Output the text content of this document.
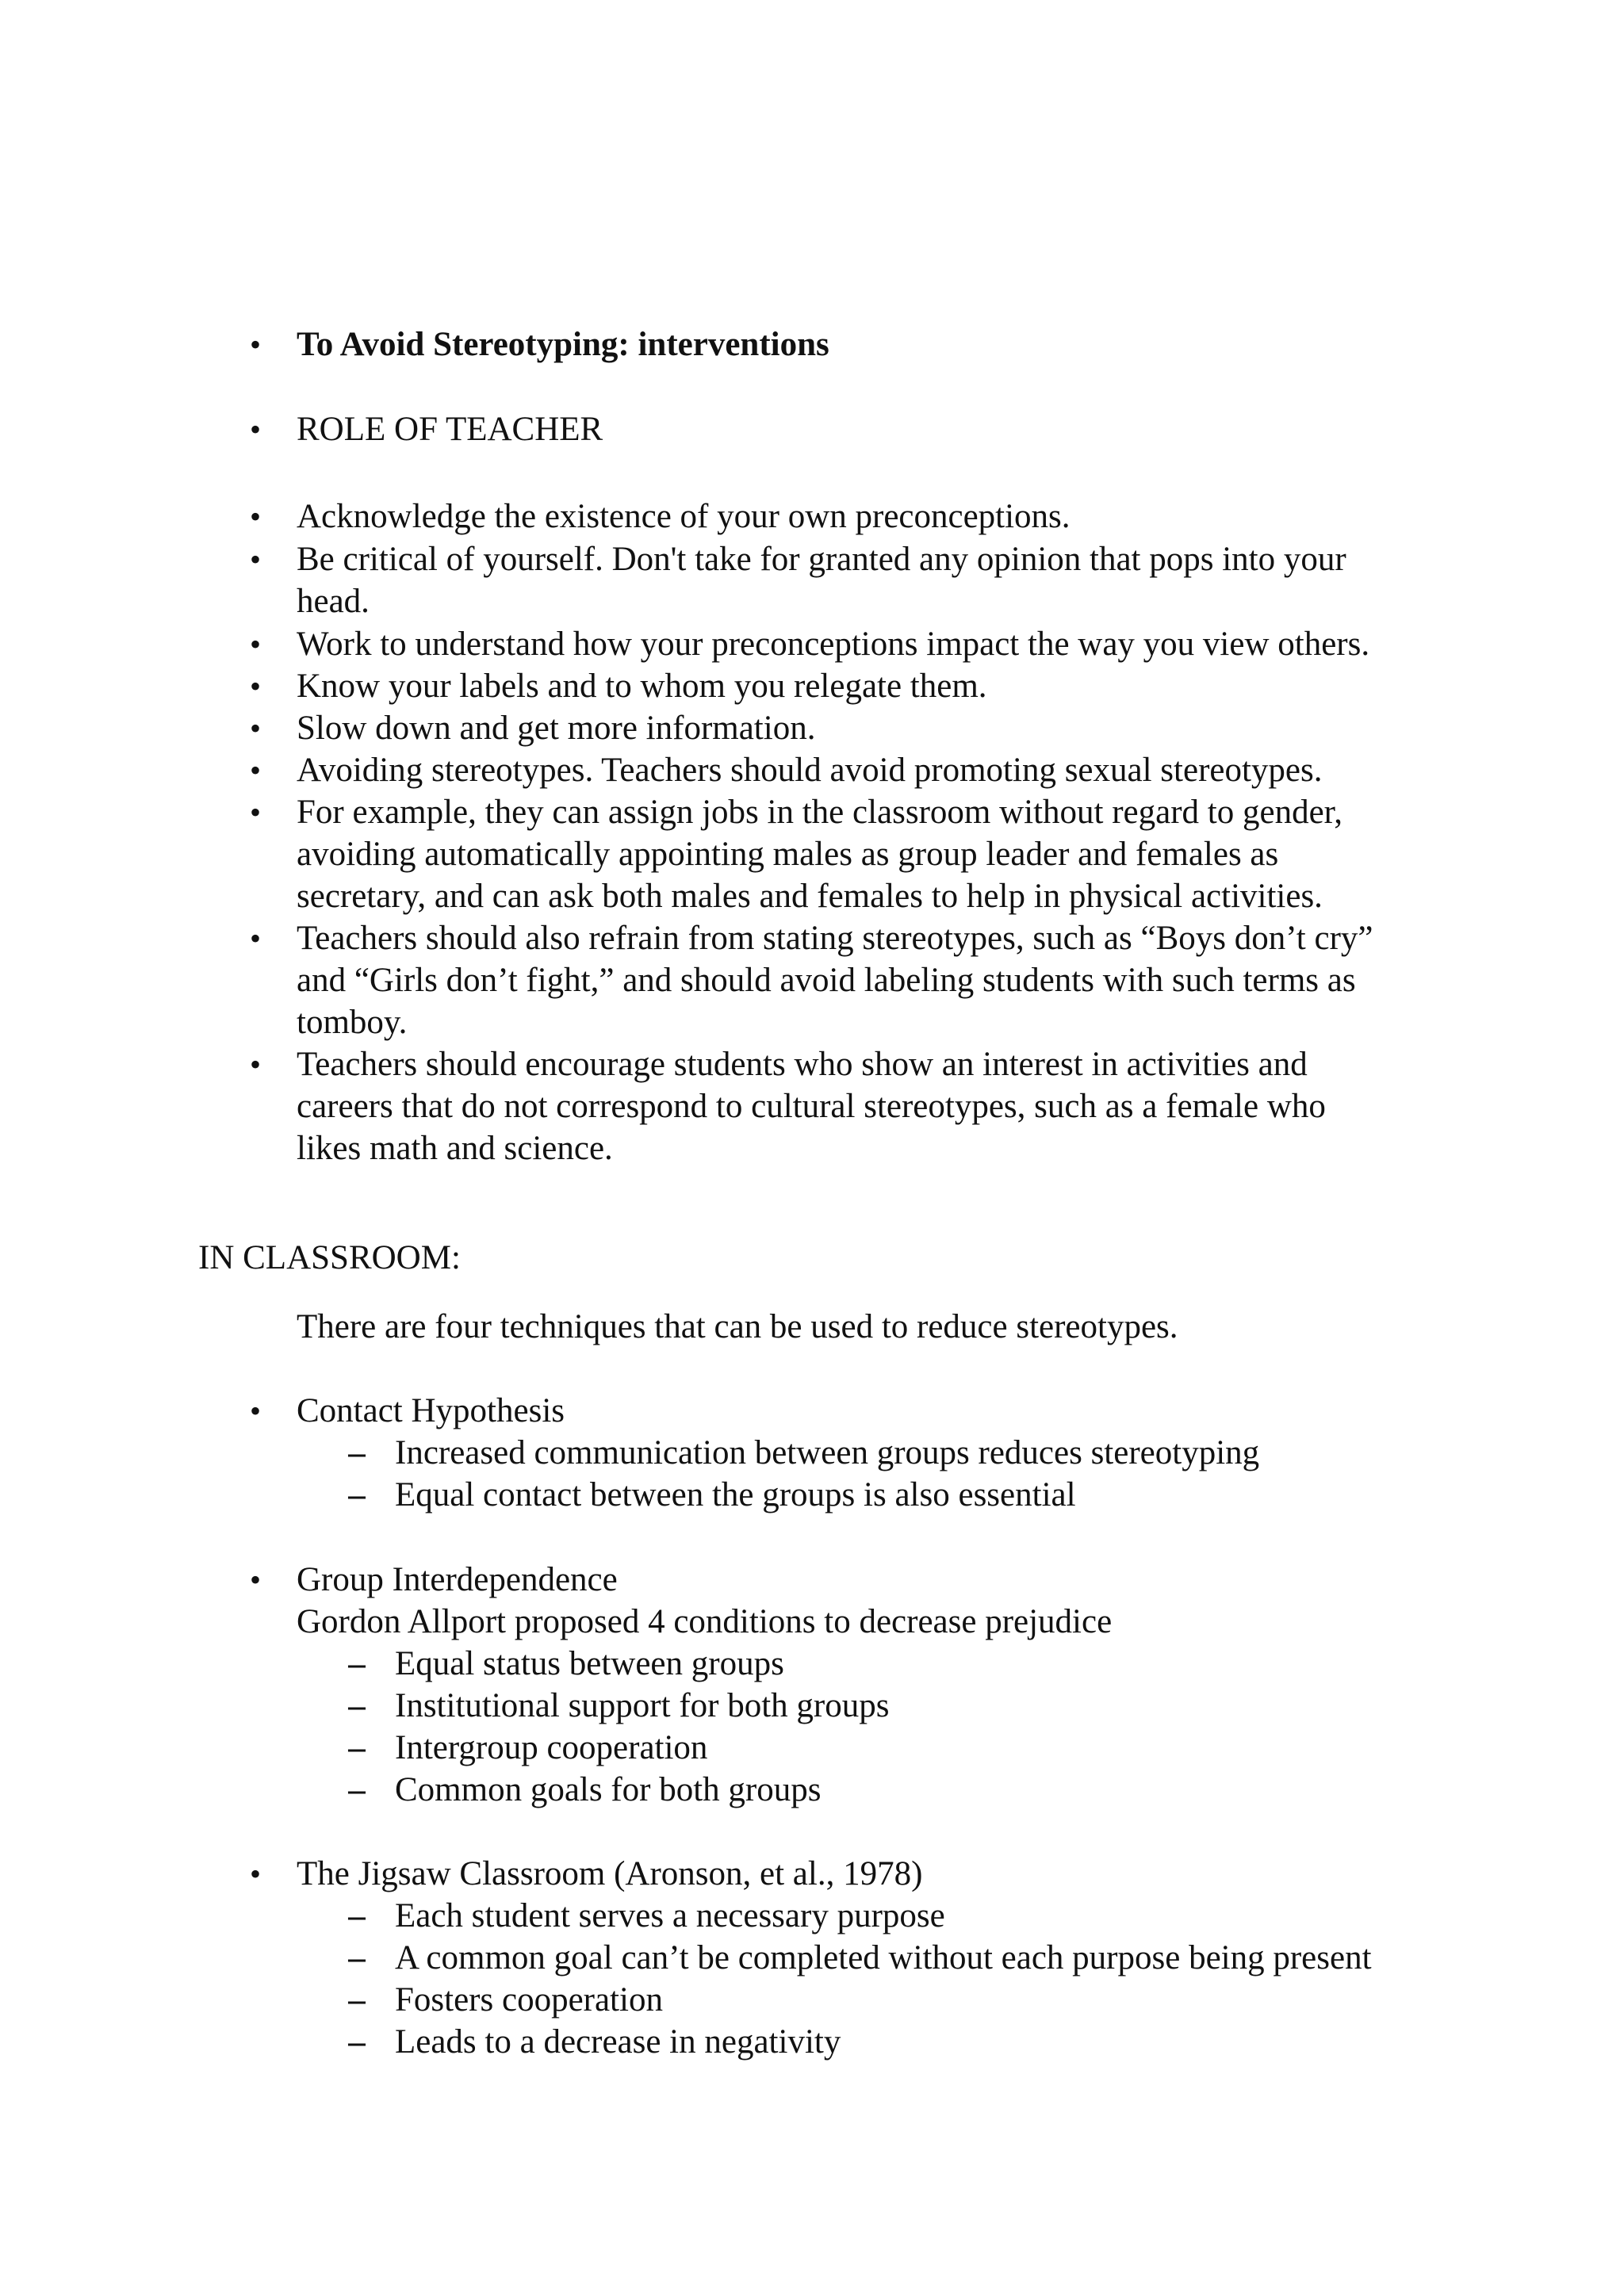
• To Avoid Stereotyping: interventions
• ROLE OF TEACHER
• Acknowledge the existence of your own preconceptions.
• Be critical of yourself. Don't take for granted any opinion that pops into your
head.
• Work to understand how your preconceptions impact the way you view others.
• Know your labels and to whom you relegate them.
• Slow down and get more information.
• Avoiding stereotypes. Teachers should avoid promoting sexual stereotypes.
• For example, they can assign jobs in the classroom without regard to gender,
avoiding automatically appointing males as group leader and females as
secretary, and can ask both males and females to help in physical activities.
• Teachers should also refrain from stating stereotypes, such as “Boys don’t cry”
and “Girls don’t fight,” and should avoid labeling students with such terms as
tomboy.
• Teachers should encourage students who show an interest in activities and
careers that do not correspond to cultural stereotypes, such as a female who
likes math and science.
IN CLASSROOM:
There are four techniques that can be used to reduce stereotypes.
• Contact Hypothesis
– Increased communication between groups reduces stereotyping
– Equal contact between the groups is also essential
• Group Interdependence
Gordon Allport proposed 4 conditions to decrease prejudice
– Equal status between groups
– Institutional support for both groups
– Intergroup cooperation
– Common goals for both groups
• The Jigsaw Classroom (Aronson, et al., 1978)
– Each student serves a necessary purpose
– A common goal can’t be completed without each purpose being present
– Fosters cooperation
– Leads to a decrease in negativity
